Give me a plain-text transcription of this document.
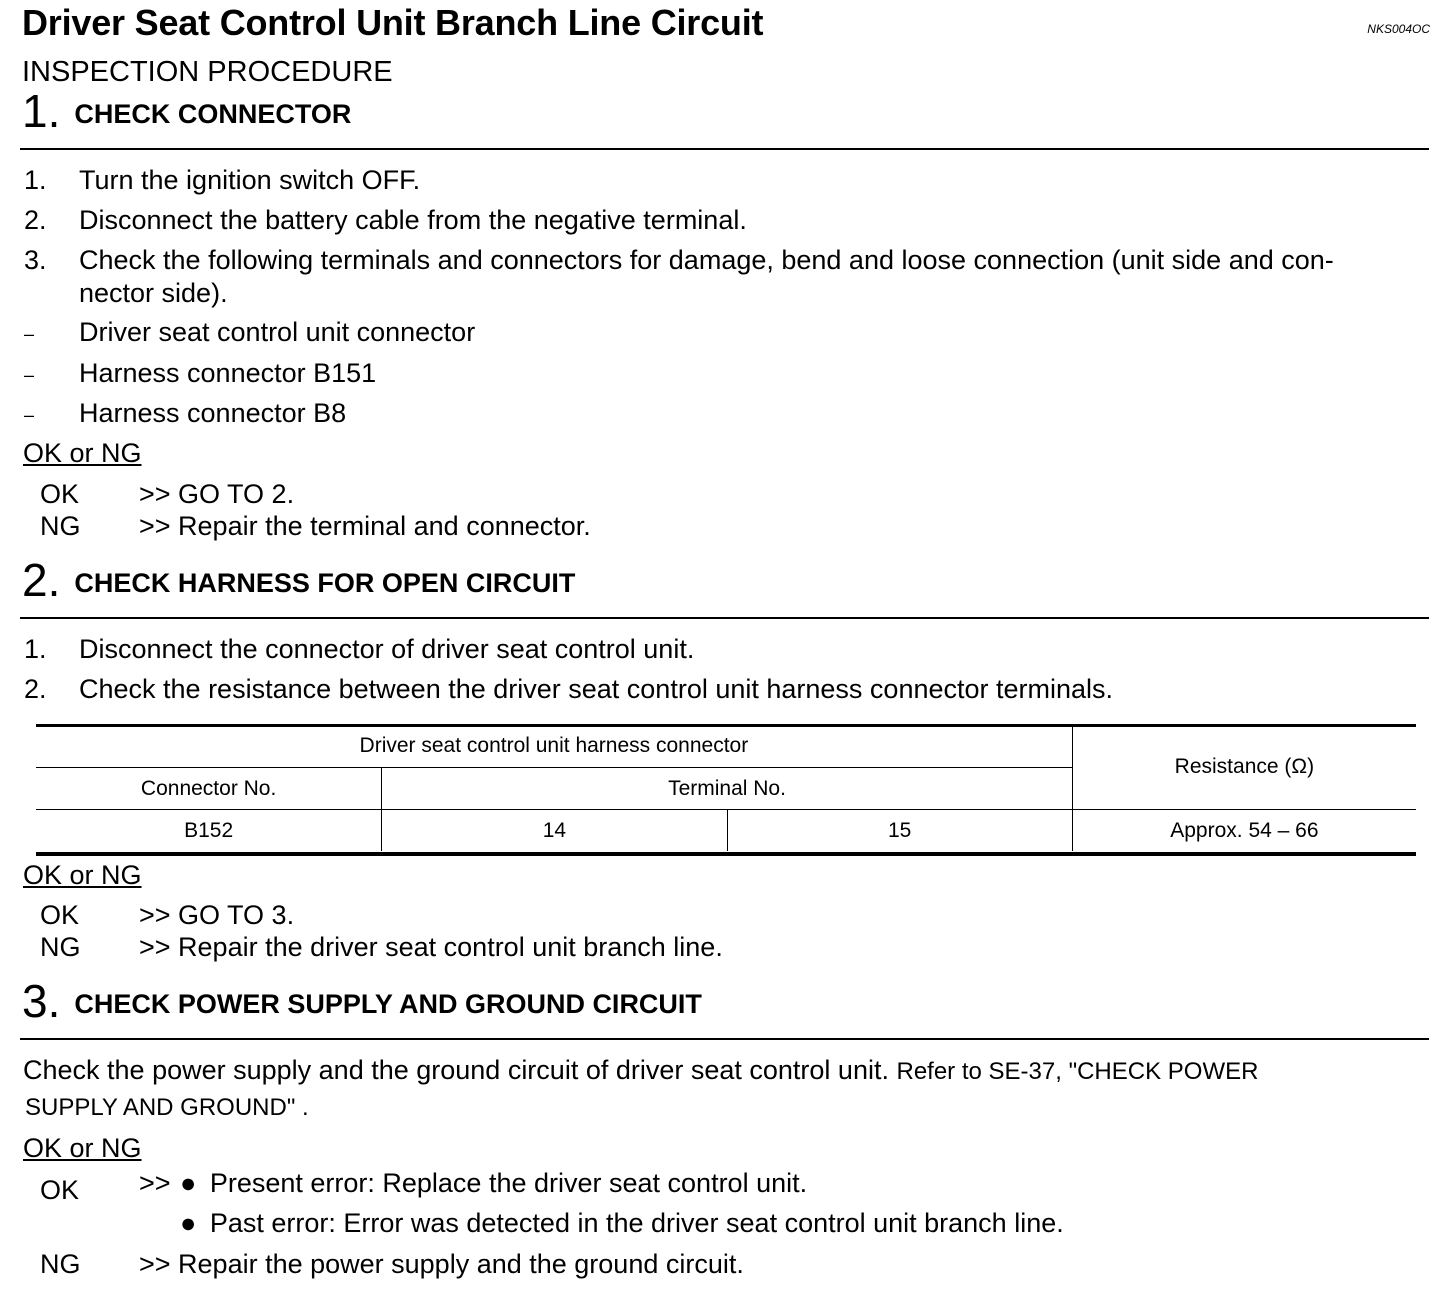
Driver Seat Control Unit Branch Line Circuit	NKS004OC
INSPECTION PROCEDURE
1. CHECK CONNECTOR
1. Turn the ignition switch OFF.
2. Disconnect the battery cable from the negative terminal.
3. Check the following terminals and connectors for damage, bend and loose connection (unit side and con-
nector side).
– Driver seat control unit connector
– Harness connector B151
– Harness connector B8
OK or NG
OK >> GO TO 2.
NG >> Repair the terminal and connector.
2. CHECK HARNESS FOR OPEN CIRCUIT
1. Disconnect the connector of driver seat control unit.
2. Check the resistance between the driver seat control unit harness connector terminals.
Driver seat control unit harness connector			Resistance (Ω)
Connector No.	Terminal No.		
B152	14	15	Approx. 54 – 66
OK or NG
OK >> GO TO 3.
NG >> Repair the driver seat control unit branch line.
3. CHECK POWER SUPPLY AND GROUND CIRCUIT
Check the power supply and the ground circuit of driver seat control unit. Refer to SE-37, "CHECK POWER
SUPPLY AND GROUND" .
OK or NG
OK >> ● Present error: Replace the driver seat control unit.
● Past error: Error was detected in the driver seat control unit branch line.
NG >> Repair the power supply and the ground circuit.
